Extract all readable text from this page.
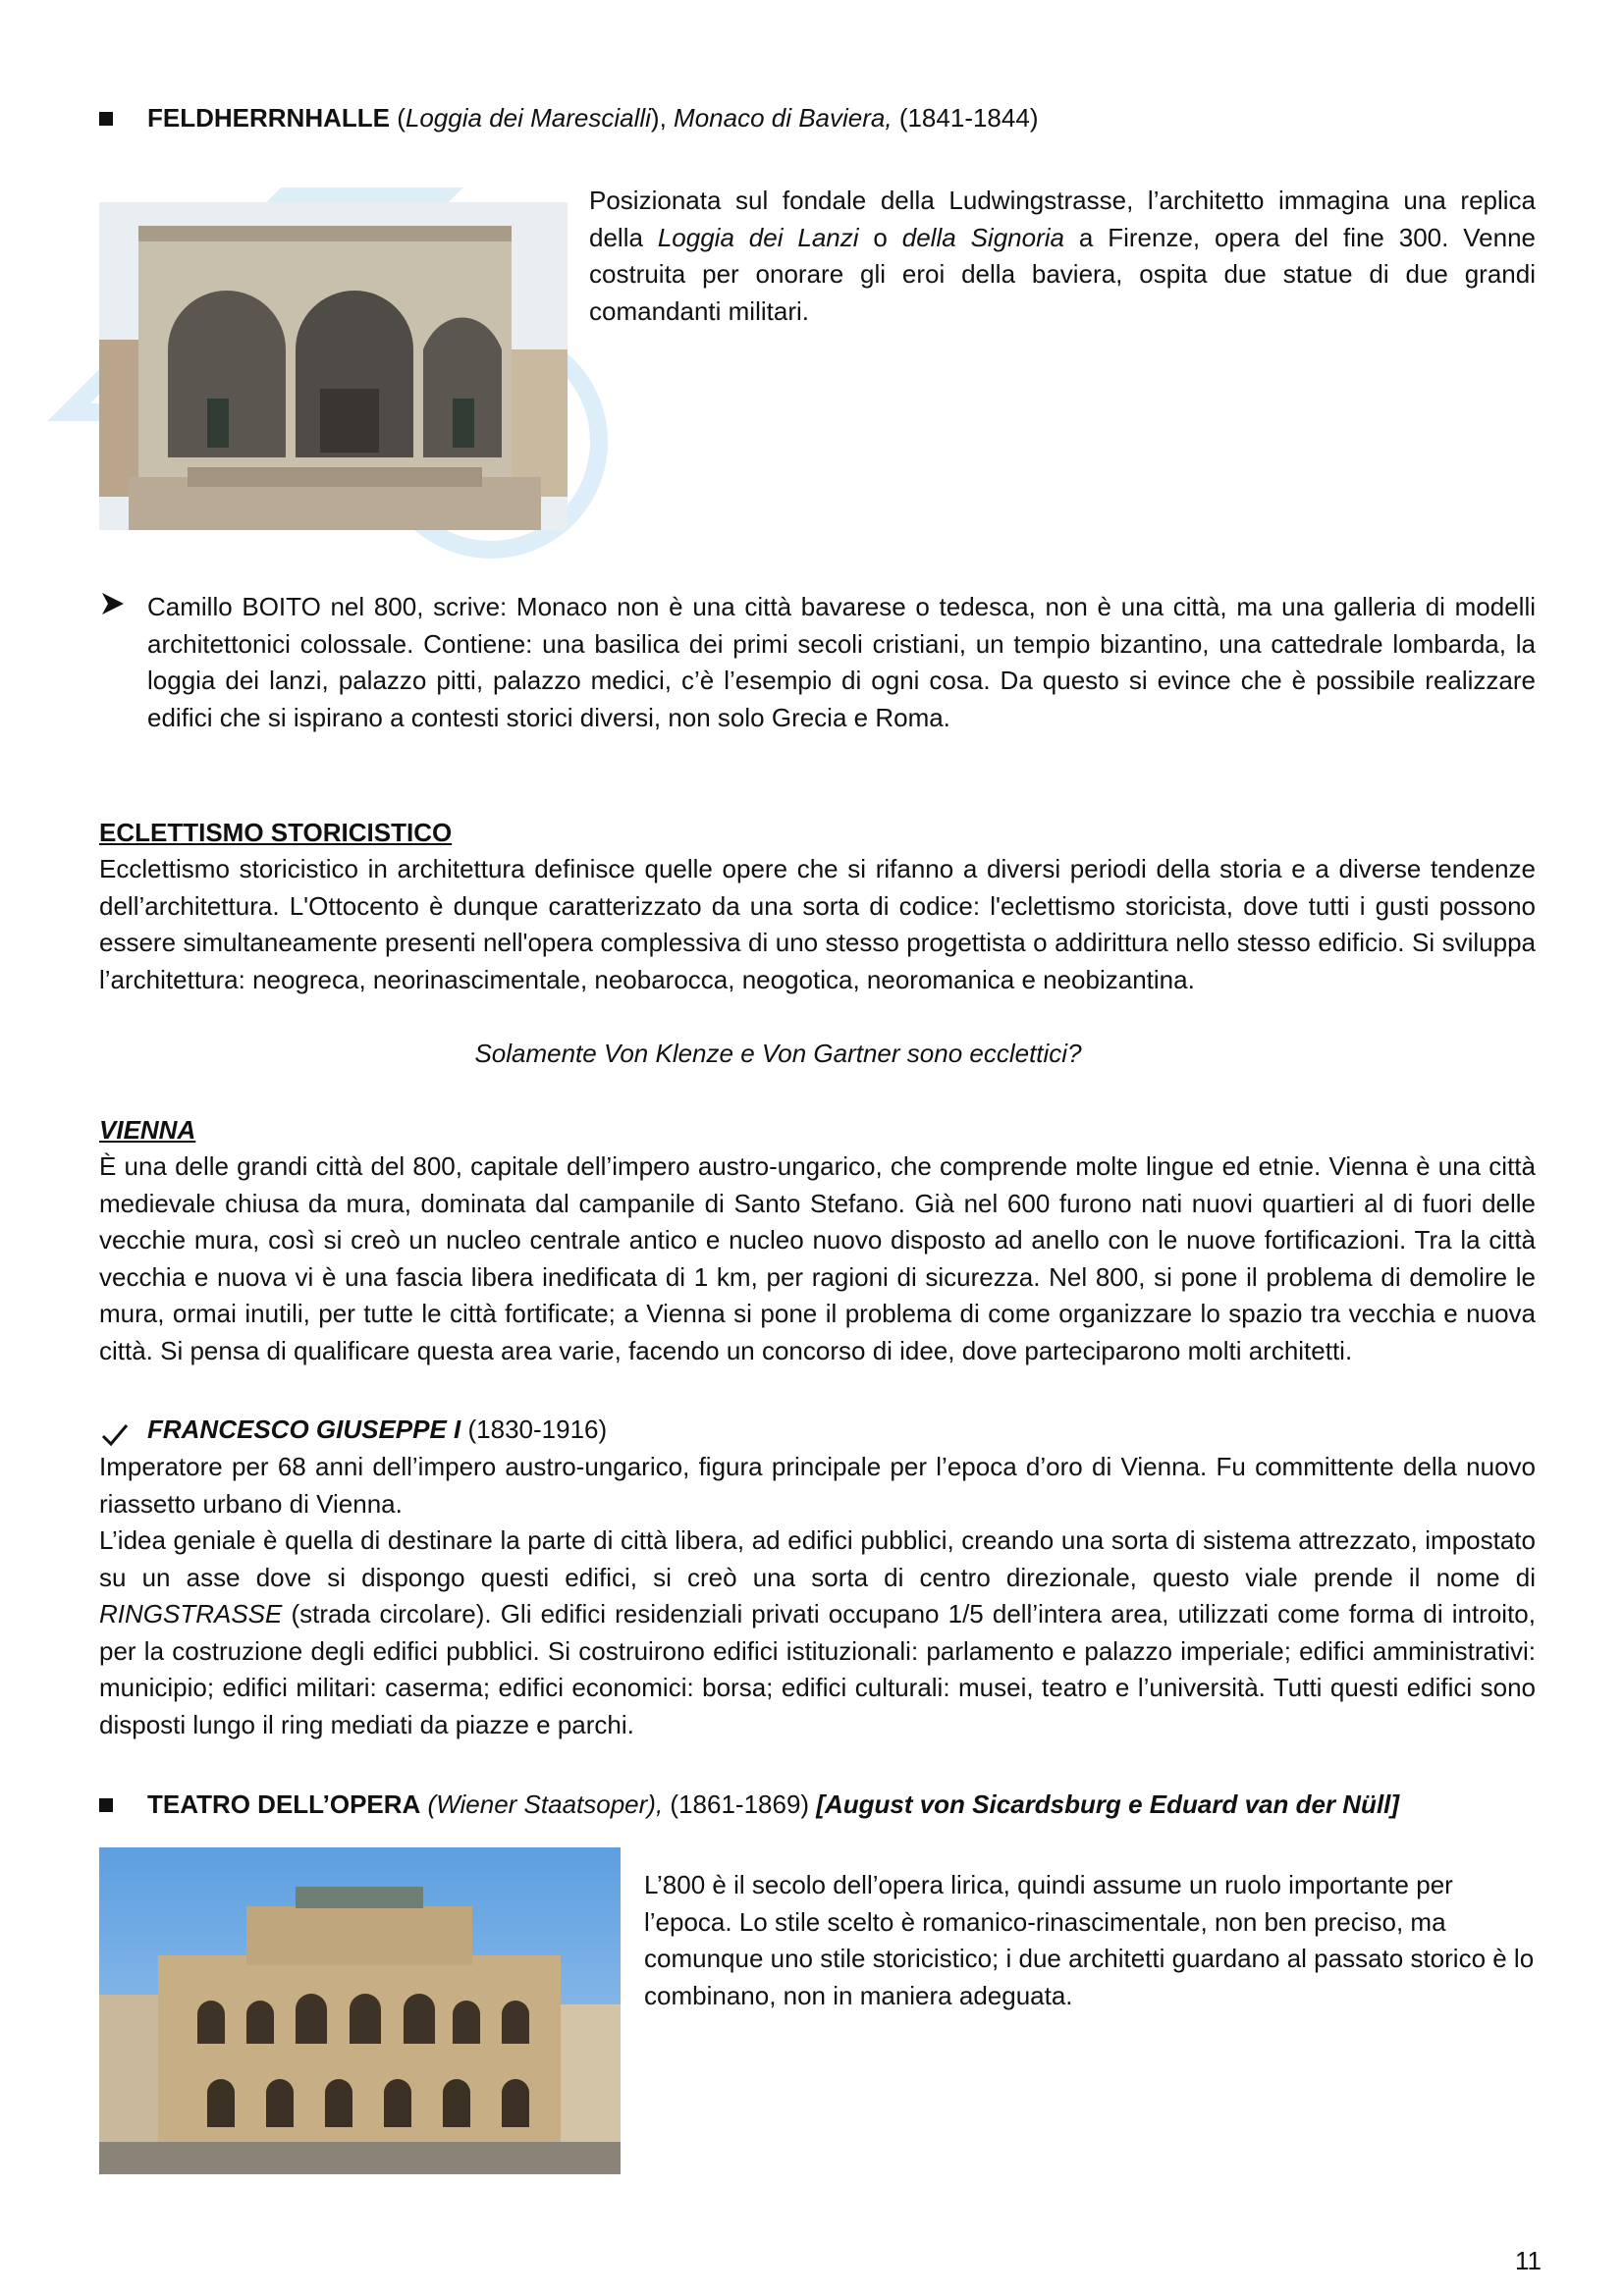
FELDHERRNHALLE (Loggia dei Marescialli), Monaco di Baviera, (1841-1844)
Posizionata sul fondale della Ludwingstrasse, l’architetto immagina una replica della Loggia dei Lanzi o della Signoria a Firenze, opera del fine 300. Venne costruita per onorare gli eroi della baviera, ospita due statue di due grandi comandanti militari.
Camillo BOITO nel 800, scrive: Monaco non è una città bavarese o tedesca, non è una città, ma una galleria di modelli architettonici colossale. Contiene: una basilica dei primi secoli cristiani, un tempio bizantino, una cattedrale lombarda, la loggia dei lanzi, palazzo pitti, palazzo medici, c’è l’esempio di ogni cosa. Da questo si evince che è possibile realizzare edifici che si ispirano a contesti storici diversi, non solo Grecia e Roma.
ECLETTISMO STORICISTICO
Ecclettismo storicistico in architettura definisce quelle opere che si rifanno a diversi periodi della storia e a diverse tendenze dell’architettura. L'Ottocento è dunque caratterizzato da una sorta di codice: l'eclettismo storicista, dove tutti i gusti possono essere simultaneamente presenti nell'opera complessiva di uno stesso progettista o addirittura nello stesso edificio. Si sviluppa l’architettura: neogreca, neorinascimentale, neobarocca, neogotica, neoromanica e neobizantina.
Solamente Von Klenze e Von Gartner sono ecclettici?
VIENNA
È una delle grandi città del 800, capitale dell’impero austro-ungarico, che comprende molte lingue ed etnie. Vienna è una città medievale chiusa da mura, dominata dal campanile di Santo Stefano. Già nel 600 furono nati nuovi quartieri al di fuori delle vecchie mura, così si creò un nucleo centrale antico e nucleo nuovo disposto ad anello con le nuove fortificazioni. Tra la città vecchia e nuova vi è una fascia libera inedificata di 1 km, per ragioni di sicurezza. Nel 800, si pone il problema di demolire le mura, ormai inutili, per tutte le città fortificate; a Vienna si pone il problema di come organizzare lo spazio tra vecchia e nuova città. Si pensa di qualificare questa area varie, facendo un concorso di idee, dove parteciparono molti architetti.
FRANCESCO GIUSEPPE I (1830-1916)
Imperatore per 68 anni dell’impero austro-ungarico, figura principale per l’epoca d’oro di Vienna. Fu committente della nuovo riassetto urbano di Vienna.
L’idea geniale è quella di destinare la parte di città libera, ad edifici pubblici, creando una sorta di sistema attrezzato, impostato su un asse dove si dispongo questi edifici, si creò una sorta di centro direzionale, questo viale prende il nome di RINGSTRASSE (strada circolare). Gli edifici residenziali privati occupano 1/5 dell’intera area, utilizzati come forma di introito, per la costruzione degli edifici pubblici. Si costruirono edifici istituzionali: parlamento e palazzo imperiale; edifici amministrativi: municipio; edifici militari: caserma; edifici economici: borsa; edifici culturali: musei, teatro e l’università. Tutti questi edifici sono disposti lungo il ring mediati da piazze e parchi.
TEATRO DELL’OPERA (Wiener Staatsoper), (1861-1869) [August von Sicardsburg e Eduard van der Nüll]
L’800 è il secolo dell’opera lirica, quindi assume un ruolo importante per l’epoca. Lo stile scelto è romanico-rinascimentale, non ben preciso, ma comunque uno stile storicistico; i due architetti guardano al passato storico è lo combinano, non in maniera adeguata.
11
